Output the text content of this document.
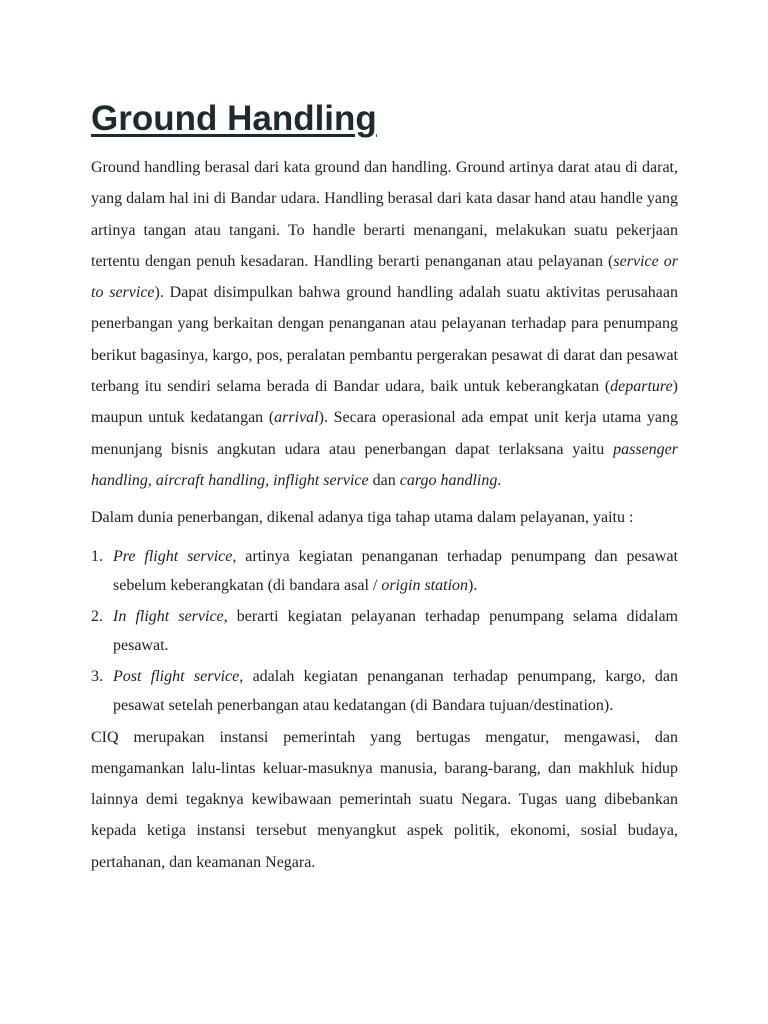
Ground Handling

Ground handling berasal dari kata ground dan handling. Ground artinya darat atau di darat, yang dalam hal ini di Bandar udara. Handling berasal dari kata dasar hand atau handle yang artinya tangan atau tangani. To handle berarti menangani, melakukan suatu pekerjaan tertentu dengan penuh kesadaran. Handling berarti penanganan atau pelayanan (service or to service). Dapat disimpulkan bahwa ground handling adalah suatu aktivitas perusahaan penerbangan yang berkaitan dengan penanganan atau pelayanan terhadap para penumpang berikut bagasinya, kargo, pos, peralatan pembantu pergerakan pesawat di darat dan pesawat terbang itu sendiri selama berada di Bandar udara, baik untuk keberangkatan (departure) maupun untuk kedatangan (arrival). Secara operasional ada empat unit kerja utama yang menunjang bisnis angkutan udara atau penerbangan dapat terlaksana yaitu passenger handling, aircraft handling, inflight service dan cargo handling.

Dalam dunia penerbangan, dikenal adanya tiga tahap utama dalam pelayanan, yaitu :

1. Pre flight service, artinya kegiatan penanganan terhadap penumpang dan pesawat sebelum keberangkatan (di bandara asal / origin station).
2. In flight service, berarti kegiatan pelayanan terhadap penumpang selama didalam pesawat.
3. Post flight service, adalah kegiatan penanganan terhadap penumpang, kargo, dan pesawat setelah penerbangan atau kedatangan (di Bandara tujuan/destination).

CIQ merupakan instansi pemerintah yang bertugas mengatur, mengawasi, dan mengamankan lalu-lintas keluar-masuknya manusia, barang-barang, dan makhluk hidup lainnya demi tegaknya kewibawaan pemerintah suatu Negara. Tugas uang dibebankan kepada ketiga instansi tersebut menyangkut aspek politik, ekonomi, sosial budaya, pertahanan, dan keamanan Negara.
